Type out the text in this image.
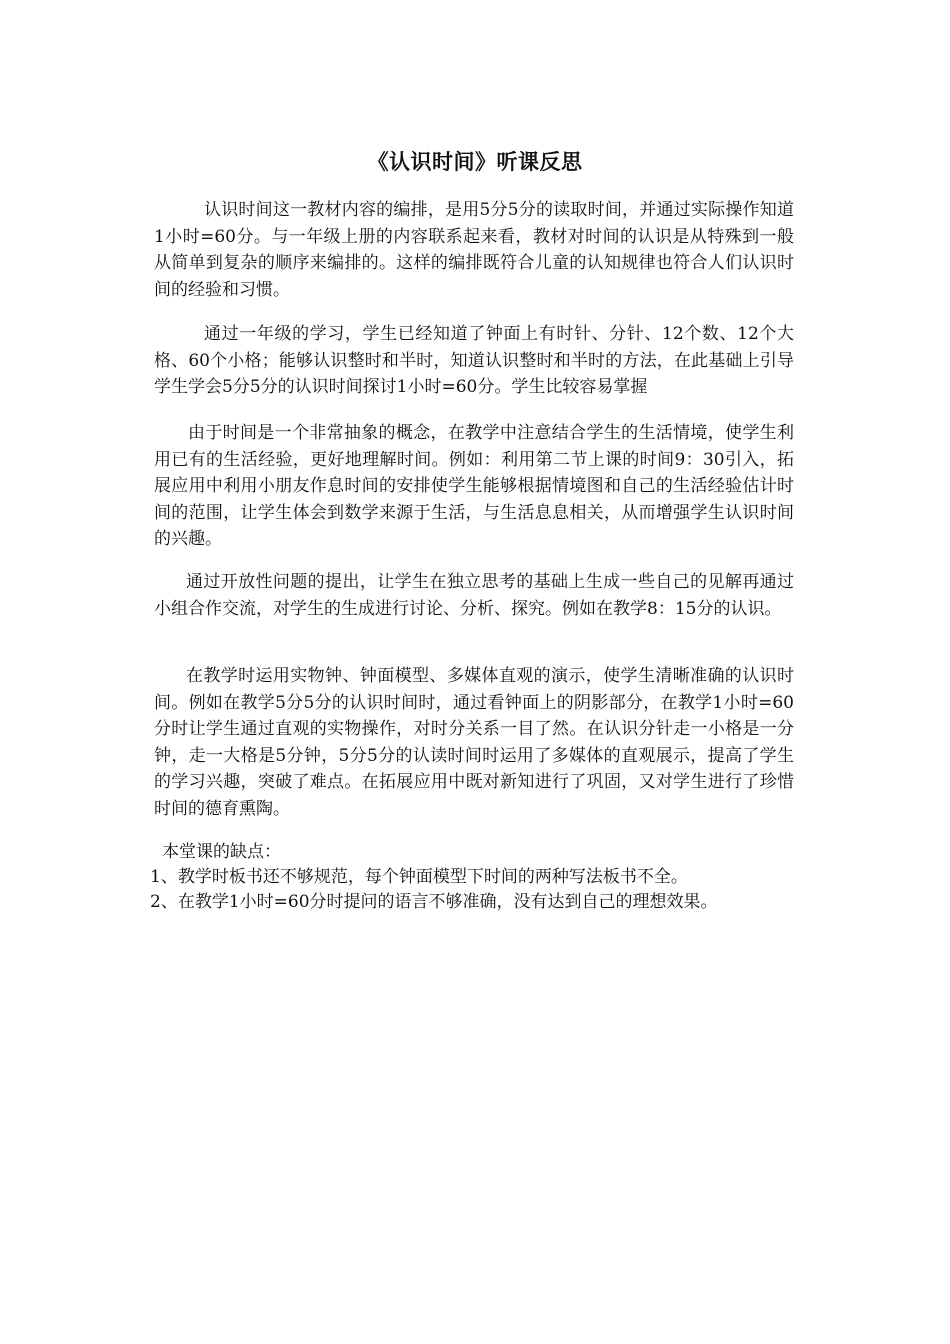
《认识时间》听课反思

认识时间这一教材内容的编排，是用5分5分的读取时间，并通过实际操作知道1小时=60分。与一年级上册的内容联系起来看，教材对时间的认识是从特殊到一般从简单到复杂的顺序来编排的。这样的编排既符合儿童的认知规律也符合人们认识时间的经验和习惯。

通过一年级的学习，学生已经知道了钟面上有时针、分针、12个数、12个大格、60个小格；能够认识整时和半时，知道认识整时和半时的方法，在此基础上引导学生学会5分5分的认识时间探讨1小时=60分。学生比较容易掌握

由于时间是一个非常抽象的概念，在教学中注意结合学生的生活情境，使学生利用已有的生活经验，更好地理解时间。例如：利用第二节上课的时间9：30引入，拓展应用中利用小朋友作息时间的安排使学生能够根据情境图和自己的生活经验估计时间的范围，让学生体会到数学来源于生活，与生活息息相关，从而增强学生认识时间的兴趣。

通过开放性问题的提出，让学生在独立思考的基础上生成一些自己的见解再通过小组合作交流，对学生的生成进行讨论、分析、探究。例如在教学8：15分的认识。

在教学时运用实物钟、钟面模型、多媒体直观的演示，使学生清晰准确的认识时间。例如在教学5分5分的认识时间时，通过看钟面上的阴影部分，在教学1小时=60分时让学生通过直观的实物操作，对时分关系一目了然。在认识分针走一小格是一分钟，走一大格是5分钟，5分5分的认读时间时运用了多媒体的直观展示，提高了学生的学习兴趣，突破了难点。在拓展应用中既对新知进行了巩固，又对学生进行了珍惜时间的德育熏陶。

本堂课的缺点：

1、教学时板书还不够规范，每个钟面模型下时间的两种写法板书不全。

2、在教学1小时=60分时提问的语言不够准确，没有达到自己的理想效果。
